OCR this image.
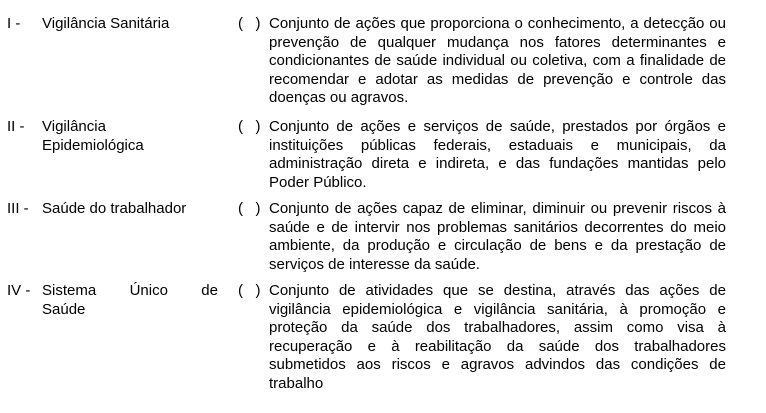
I - Vigilância Sanitária	(   ) Conjunto de ações que proporciona o conhecimento, a detecção ou prevenção de qualquer mudança nos fatores determinantes e condicionantes de saúde individual ou coletiva, com a finalidade de recomendar e adotar as medidas de prevenção e controle das doenças ou agravos.
II - Vigilância
Epidemiológica
(   ) Conjunto de ações e serviços de saúde, prestados por órgãos e instituições públicas federais, estaduais e municipais, da administração direta e indireta, e das fundações mantidas pelo Poder Público.
III - Saúde do trabalhador	(   ) Conjunto de ações capaz de eliminar, diminuir ou prevenir riscos à saúde e de intervir nos problemas sanitários decorrentes do meio ambiente, da produção e circulação de bens e da prestação de serviços de interesse da saúde.
IV - Sistema Único de
Saúde
(   ) Conjunto de atividades que se destina, através das ações de vigilância epidemiológica e vigilância sanitária, à promoção e proteção da saúde dos trabalhadores, assim como visa à recuperação e à reabilitação da saúde dos trabalhadores submetidos aos riscos e agravos advindos das condições de trabalho
